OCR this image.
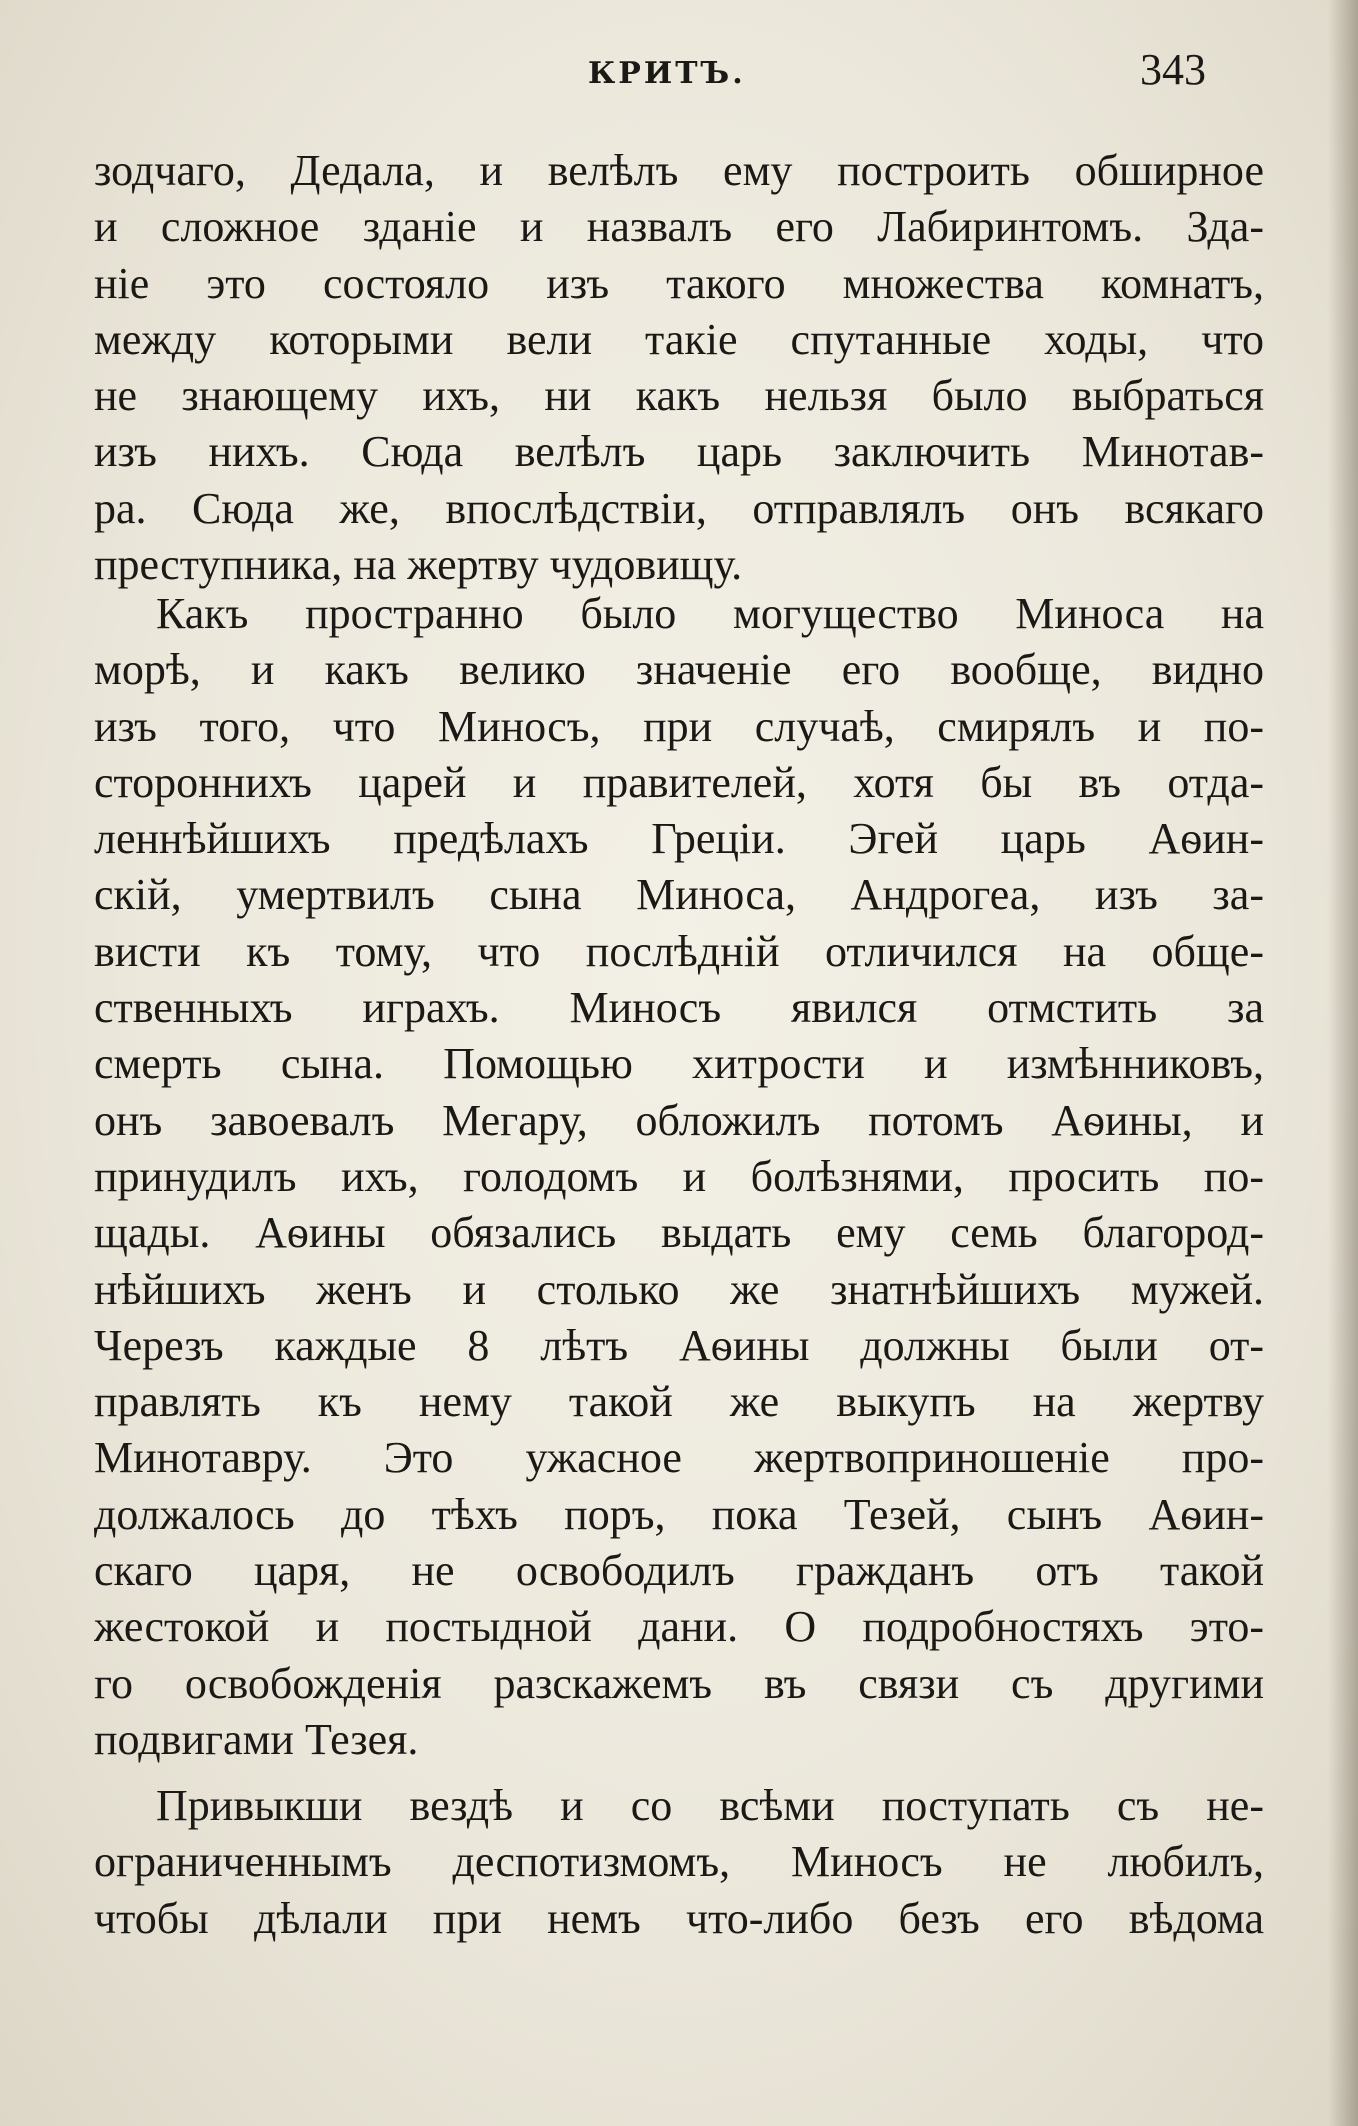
КРИТЪ.	343
зодчаго, Дедала, и велѣлъ ему построить обширное
и сложное зданіе и назвалъ его Лабиринтомъ. Зда-
ніе это состояло изъ такого множества комнатъ,
между которыми вели такіе спутанные ходы, что
не знающему ихъ, ни какъ нельзя было выбраться
изъ нихъ. Сюда велѣлъ царь заключить Минотав-
ра. Сюда же, впослѣдствіи, отправлялъ онъ всякаго
преступника, на жертву чудовищу.
Какъ пространно было могущество Миноса на
морѣ, и какъ велико значеніе его вообще, видно
изъ того, что Миносъ, при случаѣ, смирялъ и по-
стороннихъ царей и правителей, хотя бы въ отда-
леннѣйшихъ предѣлахъ Греціи. Эгей царь Аѳин-
скій, умертвилъ сына Миноса, Андрогеа, изъ за-
висти къ тому, что послѣдній отличился на обще-
ственныхъ играхъ. Миносъ явился отмстить за
смерть сына. Помощью хитрости и измѣнниковъ,
онъ завоевалъ Мегару, обложилъ потомъ Аѳины, и
принудилъ ихъ, голодомъ и болѣзнями, просить по-
щады. Аѳины обязались выдать ему семь благород-
нѣйшихъ женъ и столько же знатнѣйшихъ мужей.
Черезъ каждые 8 лѣтъ Аѳины должны были от-
правлять къ нему такой же выкупъ на жертву
Минотавру. Это ужасное жертвоприношеніе про-
должалось до тѣхъ поръ, пока Тезей, сынъ Аѳин-
скаго царя, не освободилъ гражданъ отъ такой
жестокой и постыдной дани. О подробностяхъ это-
го освобожденія разскажемъ въ связи съ другими
подвигами Тезея.
Привыкши вездѣ и со всѣми поступать съ не-
ограниченнымъ деспотизмомъ, Миносъ не любилъ,
чтобы дѣлали при немъ что-либо безъ его вѣдома
